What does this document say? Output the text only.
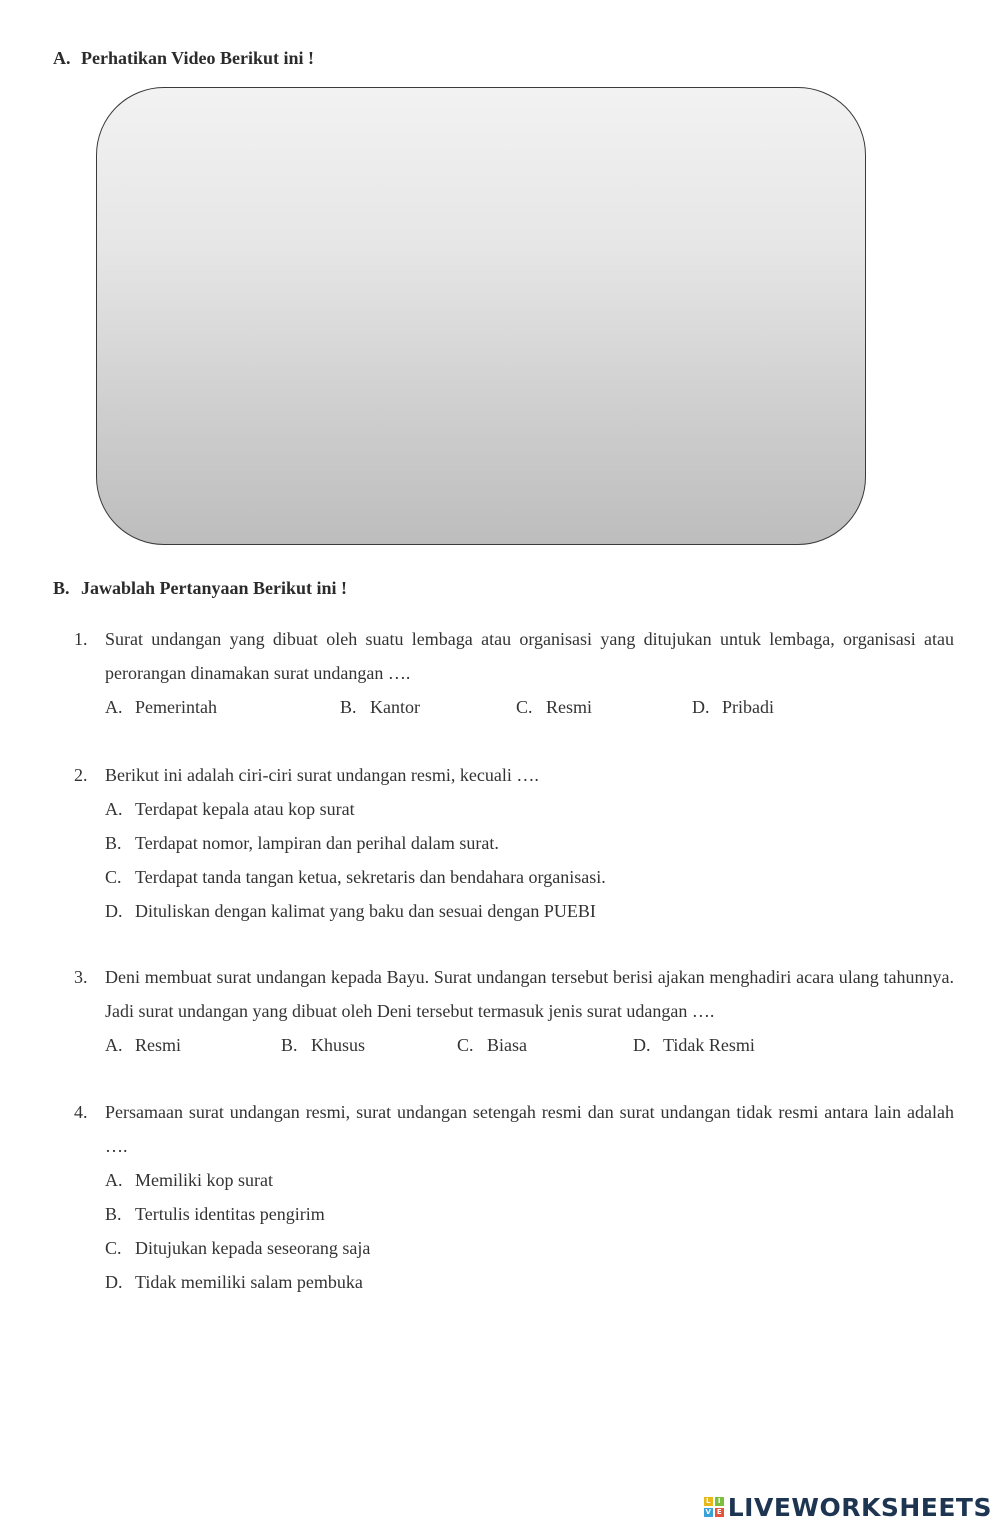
A. Perhatikan Video Berikut ini !
B. Jawablah Pertanyaan Berikut ini !
1. Surat undangan yang dibuat oleh suatu lembaga atau organisasi yang ditujukan untuk lembaga, organisasi atau perorangan dinamakan surat undangan ….
A. Pemerintah	B. Kantor	C. Resmi	D. Pribadi
2. Berikut ini adalah ciri-ciri surat undangan resmi, kecuali ….
A. Terdapat kepala atau kop surat
B. Terdapat nomor, lampiran dan perihal dalam surat.
C. Terdapat tanda tangan ketua, sekretaris dan bendahara organisasi.
D. Dituliskan dengan kalimat yang baku dan sesuai dengan PUEBI
3. Deni membuat surat undangan kepada Bayu. Surat undangan tersebut berisi ajakan menghadiri acara ulang tahunnya. Jadi surat undangan yang dibuat oleh Deni tersebut termasuk jenis surat udangan ….
A. Resmi	B. Khusus	C. Biasa	D. Tidak Resmi
4. Persamaan surat undangan resmi, surat undangan setengah resmi dan surat undangan tidak resmi antara lain adalah ….
A. Memiliki kop surat
B. Tertulis identitas pengirim
C. Ditujukan kepada seseorang saja
D. Tidak memiliki salam pembuka
L	I
V E LIVEWORKSHEETS
